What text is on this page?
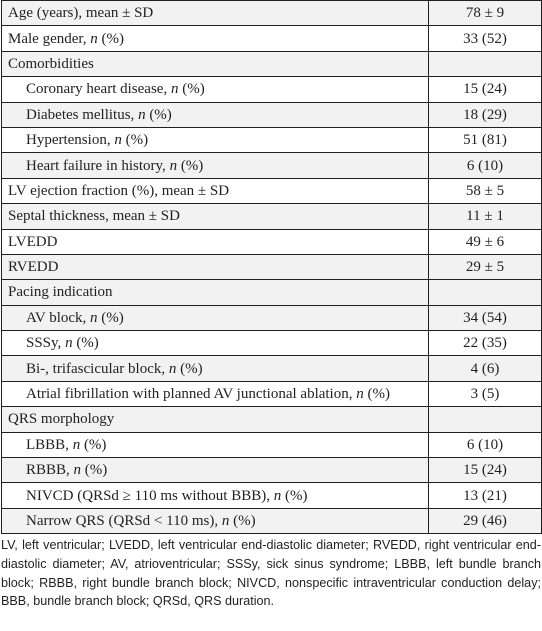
Age (years), mean ± SD	78 ± 9
Male gender, n (%)	33 (52)
Comorbidities	
Coronary heart disease, n (%)	15 (24)
Diabetes mellitus, n (%)	18 (29)
Hypertension, n (%)	51 (81)
Heart failure in history, n (%)	6 (10)
LV ejection fraction (%), mean ± SD	58 ± 5
Septal thickness, mean ± SD	11 ± 1
LVEDD	49 ± 6
RVEDD	29 ± 5
Pacing indication	
AV block, n (%)	34 (54)
SSSy, n (%)	22 (35)
Bi-, trifascicular block, n (%)	4 (6)
Atrial fibrillation with planned AV junctional ablation, n (%)	3 (5)
QRS morphology	
LBBB, n (%)	6 (10)
RBBB, n (%)	15 (24)
NIVCD (QRSd ≥ 110 ms without BBB), n (%)	13 (21)
Narrow QRS (QRSd < 110 ms), n (%)	29 (46)

LV, left ventricular; LVEDD, left ventricular end-diastolic diameter; RVEDD, right ventricular end-diastolic diameter; AV, atrioventricular; SSSy, sick sinus syndrome; LBBB, left bundle branch block; RBBB, right bundle branch block; NIVCD, nonspecific intraventricular conduction delay; BBB, bundle branch block; QRSd, QRS duration.
